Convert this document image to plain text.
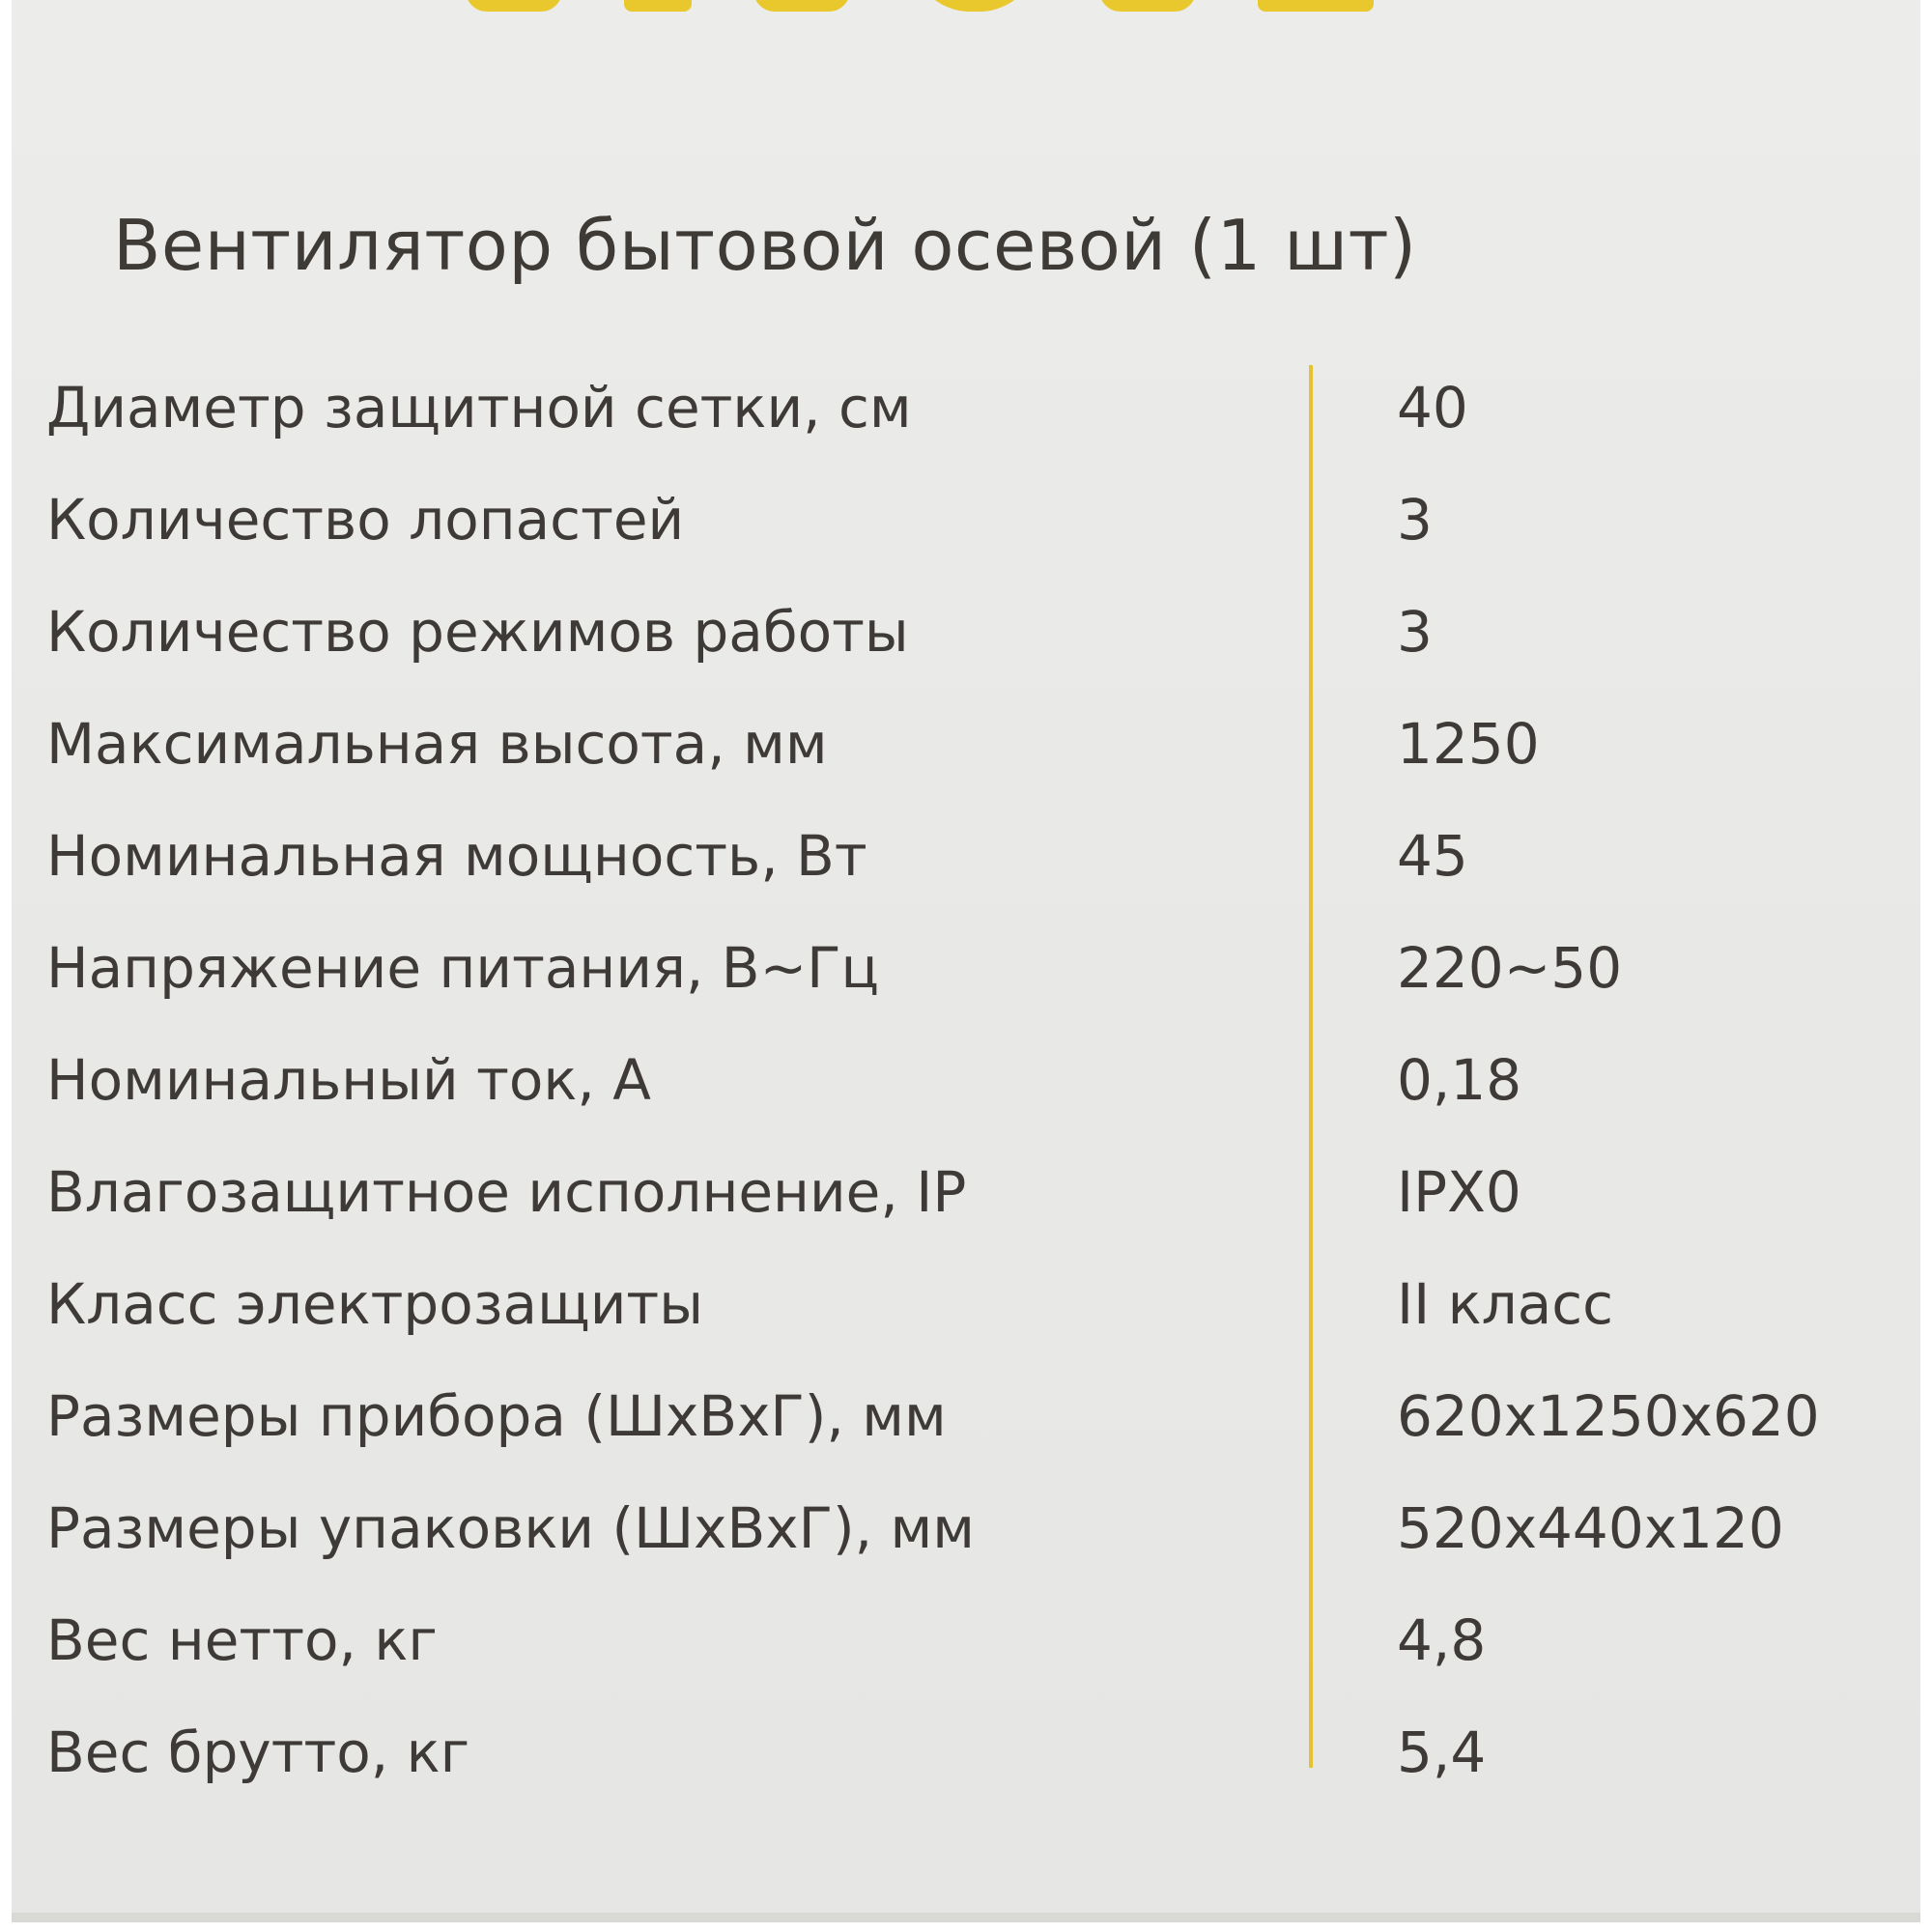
Вентилятор бытовой осевой (1 шт)
Диаметр защитной сетки, см	40
Количество лопастей	3
Количество режимов работы	3
Максимальная высота, мм	1250
Номинальная мощность, Вт	45
Напряжение питания, В~Гц	220~50
Номинальный ток, А	0,18
Влагозащитное исполнение, IP	IPX0
Класс электрозащиты	II класс
Размеры прибора (ШхВхГ), мм	620x1250x620
Размеры упаковки (ШхВхГ), мм	520x440x120
Вес нетто, кг	4,8
Вес брутто, кг	5,4
